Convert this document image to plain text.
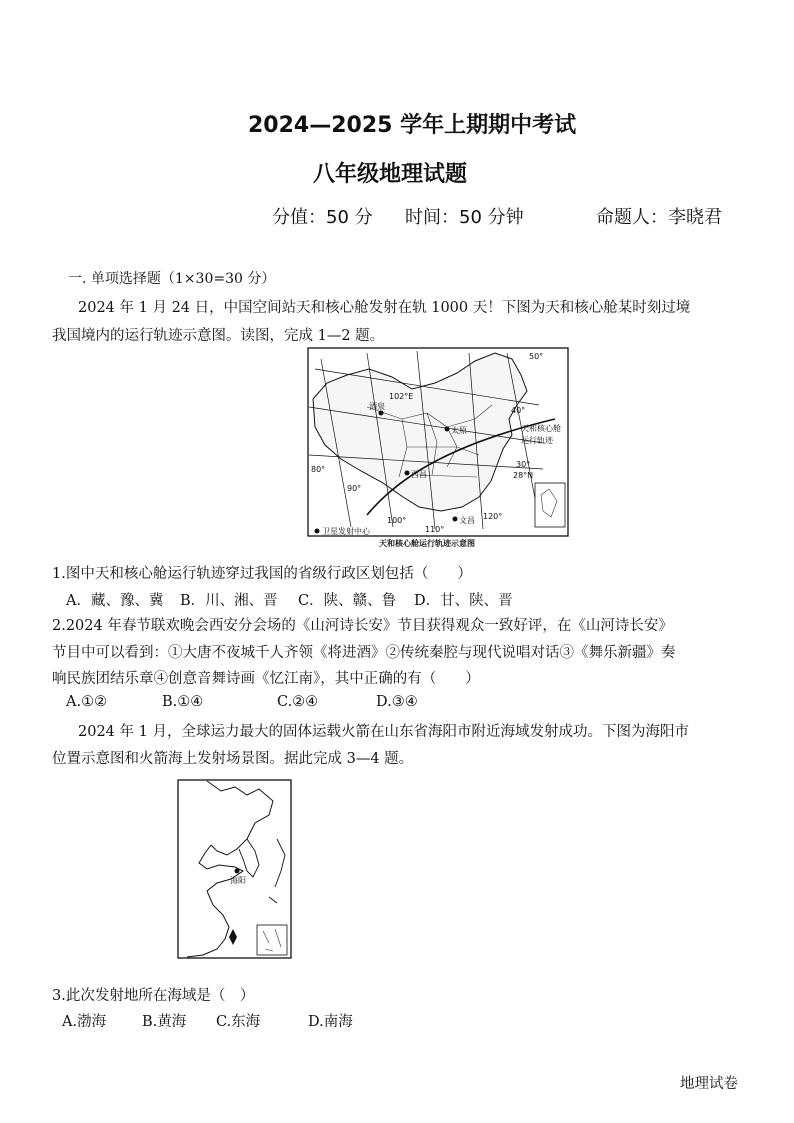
2024—2025 学年上期期中考试
八年级地理试题
分值：50 分 时间：50 分钟	命题人：李晓君
一. 单项选择题（1×30=30 分）
2024 年 1 月 24 日，中国空间站天和核心舱发射在轨 1000 天！下图为天和核心舱某时刻过境
我国境内的运行轨迹示意图。读图，完成 1—2 题。
50°
40°
30°
28°N
80°
90°
100°
110°
120°
102°E
天和核心舱
运行轨迹
酒泉
太原
西昌
文昌
卫星发射中心
天和核心舱运行轨迹示意图
1.图中天和核心舱运行轨迹穿过我国的省级行政区划包括（　　）
A．藏、豫、冀 B．川、湘、晋 C．陕、赣、鲁 D．甘、陕、晋
2.2024 年春节联欢晚会西安分会场的《山河诗长安》节目获得观众一致好评，在《山河诗长安》
节目中可以看到：①大唐不夜城千人齐领《将进酒》②传统秦腔与现代说唱对话③《舞乐新疆》奏
响民族团结乐章④创意音舞诗画《忆江南》，其中正确的有（　　）
A.①②	B.①④	C.②④	D.③④
2024 年 1 月，全球运力最大的固体运载火箭在山东省海阳市附近海域发射成功。下图为海阳市
位置示意图和火箭海上发射场景图。据此完成 3—4 题。
海阳
3.此次发射地所在海域是（　）
A.渤海 B.黄海 C.东海	D.南海
地理试卷
